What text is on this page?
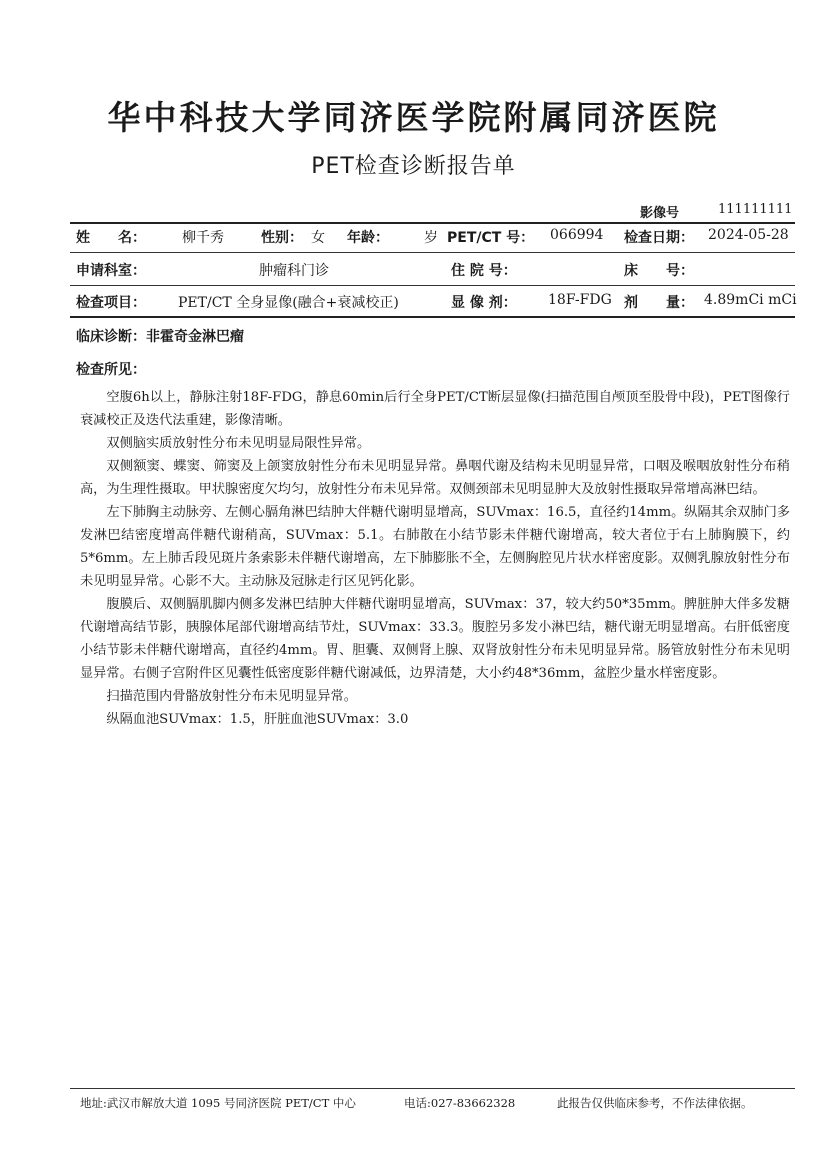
华中科技大学同济医学院附属同济医院
PET检查诊断报告单
影像号	111111111
姓　　名：	柳千秀	性别： 女 年龄：	岁 PET/CT 号： 066994 检查日期： 2024-05-28
申请科室：	肿瘤科门诊	住 院 号：	床　　号：
检查项目： PET/CT 全身显像(融合+衰减校正)	显 像 剂： 18F-FDG 剂　　量： 4.89mCi mCi
临床诊断：非霍奇金淋巴瘤
检查所见：

空腹6h以上，静脉注射18F-FDG，静息60min后行全身PET/CT断层显像(扫描范围自颅顶至股骨中段)，PET图像行衰减校正及迭代法重建，影像清晰。

双侧脑实质放射性分布未见明显局限性异常。

双侧额窦、蝶窦、筛窦及上颌窦放射性分布未见明显异常。鼻咽代谢及结构未见明显异常，口咽及喉咽放射性分布稍高，为生理性摄取。甲状腺密度欠均匀，放射性分布未见异常。双侧颈部未见明显肿大及放射性摄取异常增高淋巴结。

左下肺胸主动脉旁、左侧心膈角淋巴结肿大伴糖代谢明显增高，SUVmax：16.5，直径约14mm。纵隔其余双肺门多发淋巴结密度增高伴糖代谢稍高，SUVmax：5.1。右肺散在小结节影未伴糖代谢增高，较大者位于右上肺胸膜下，约5*6mm。左上肺舌段见斑片条索影未伴糖代谢增高，左下肺膨胀不全，左侧胸腔见片状水样密度影。双侧乳腺放射性分布未见明显异常。心影不大。主动脉及冠脉走行区见钙化影。

腹膜后、双侧膈肌脚内侧多发淋巴结肿大伴糖代谢明显增高，SUVmax：37，较大约50*35mm。脾脏肿大伴多发糖代谢增高结节影，胰腺体尾部代谢增高结节灶，SUVmax：33.3。腹腔另多发小淋巴结，糖代谢无明显增高。右肝低密度小结节影未伴糖代谢增高，直径约4mm。胃、胆囊、双侧肾上腺、双肾放射性分布未见明显异常。肠管放射性分布未见明显异常。右侧子宫附件区见囊性低密度影伴糖代谢减低，边界清楚，大小约48*36mm，盆腔少量水样密度影。

扫描范围内骨骼放射性分布未见明显异常。

纵隔血池SUVmax：1.5，肝脏血池SUVmax：3.0

地址:武汉市解放大道 1095 号同济医院 PET/CT 中心	电话:027-83662328	此报告仅供临床参考，不作法律依据。
